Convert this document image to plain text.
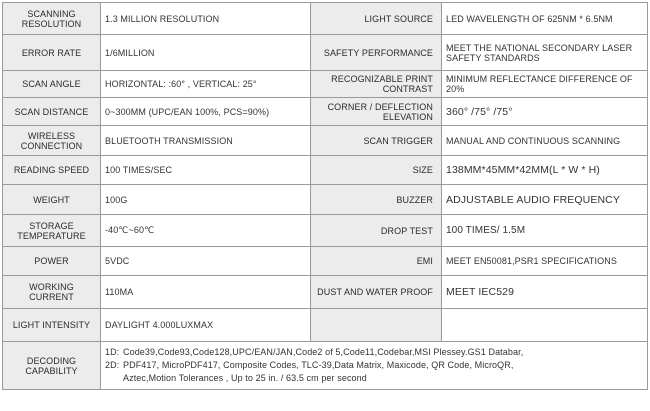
SCANNING RESOLUTION	1.3 MILLION RESOLUTION	LIGHT SOURCE	LED WAVELENGTH OF 625NM * 6.5NM
ERROR RATE	1/6MILLION	SAFETY PERFORMANCE	MEET THE NATIONAL SECONDARY LASER SAFETY STANDARDS
SCAN ANGLE	HORIZONTAL: :60° , VERTICAL: 25°	RECOGNIZABLE PRINT CONTRAST	MINIMUM REFLECTANCE DIFFERENCE OF 20%
SCAN DISTANCE	0~300MM (UPC/EAN 100%, PCS=90%)	CORNER / DEFLECTION ELEVATION	360° /75° /75°
WIRELESS CONNECTION	BLUETOOTH TRANSMISSION	SCAN TRIGGER	MANUAL AND CONTINUOUS SCANNING
READING SPEED	100 TIMES/SEC	SIZE	138MM*45MM*42MM(L * W * H)
WEIGHT	100G	BUZZER	ADJUSTABLE AUDIO FREQUENCY
STORAGE TEMPERATURE	-40℃~60℃	DROP TEST	100 TIMES/ 1.5M
POWER	5VDC	EMI	MEET EN50081,PSR1 SPECIFICATIONS
WORKING CURRENT	110MA	DUST AND WATER PROOF	MEET IEC529
LIGHT INTENSITY	DAYLIGHT 4.000LUXMAX		
DECODING CAPABILITY	1D: Code39,Code93,Code128,UPC/EAN/JAN,Code2 of 5,Code11,Codebar,MSI Plessey.GS1 Databar,
2D: PDF417, MicroPDF417, Composite Codes, TLC-39,Data Matrix, Maxicode, QR Code, MicroQR,
Aztec,Motion Tolerances , Up to 25 in. / 63.5 cm per second		
